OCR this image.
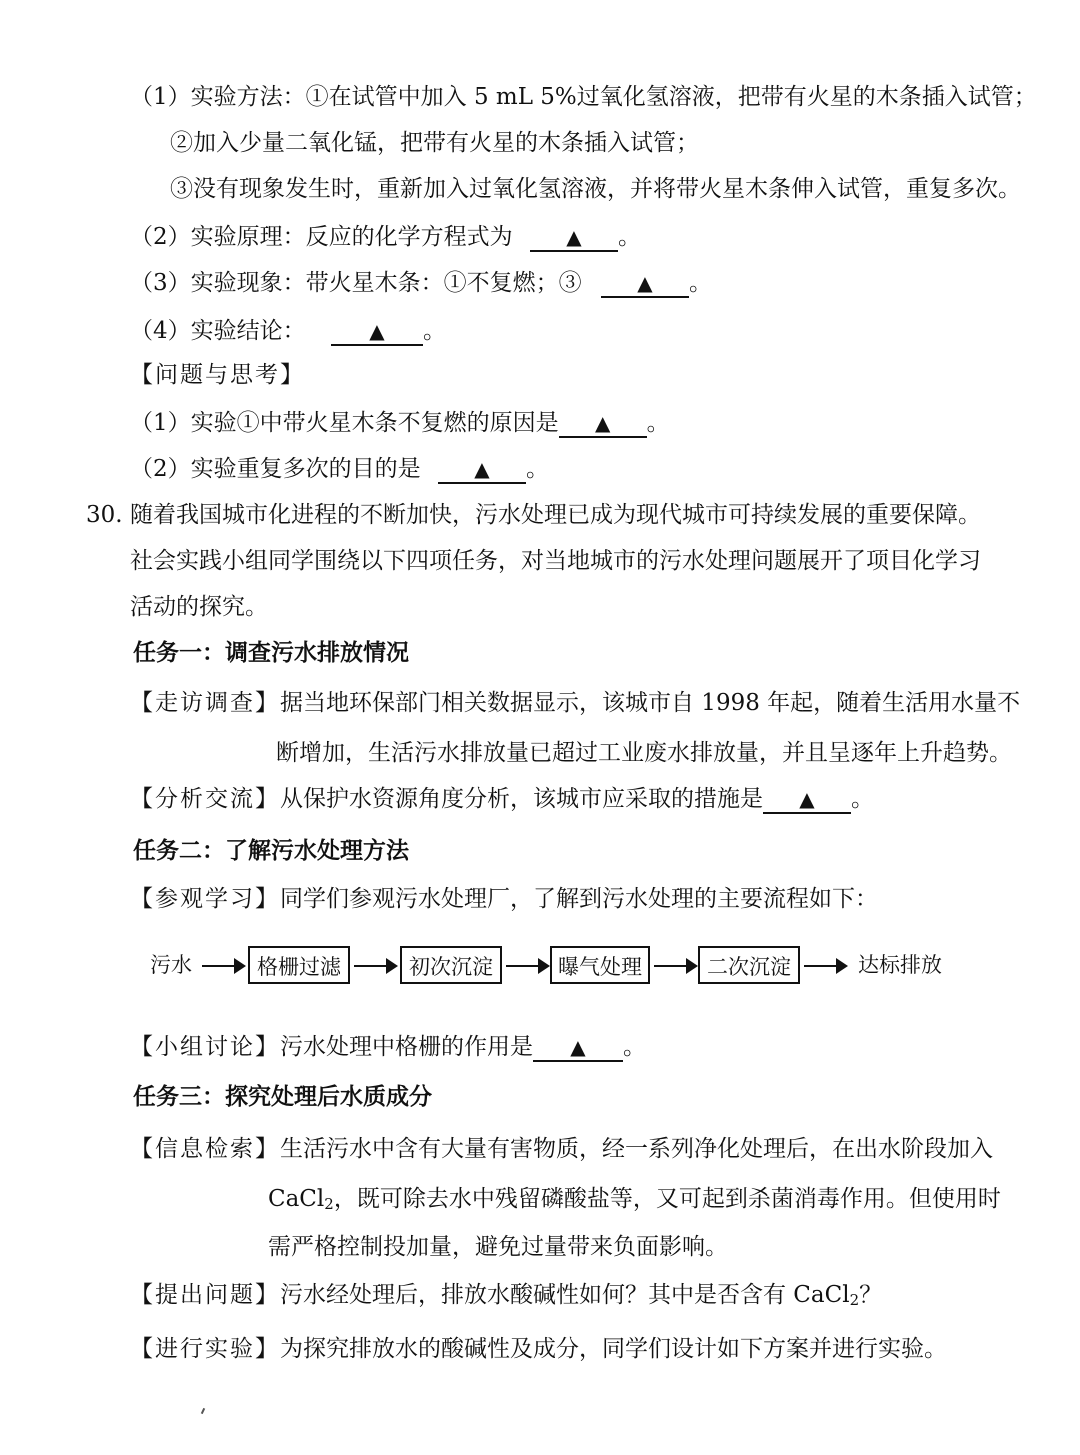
（1）实验方法：①在试管中加入 5 mL 5%过氧化氢溶液，把带有火星的木条插入试管；
②加入少量二氧化锰，把带有火星的木条插入试管；
③没有现象发生时，重新加入过氧化氢溶液，并将带火星木条伸入试管，重复多次。
（2）实验原理：反应的化学方程式为	▲ 。
（3）实验现象：带火星木条：①不复燃；③	▲ 。
（4）实验结论：	▲ 。
【问题与思考】
（1）实验①中带火星木条不复燃的原因是 ▲ 。
（2）实验重复多次的目的是	▲ 。
30. 随着我国城市化进程的不断加快，污水处理已成为现代城市可持续发展的重要保障。
社会实践小组同学围绕以下四项任务，对当地城市的污水处理问题展开了项目化学习
活动的探究。
任务一：调查污水排放情况
【走访调查】据当地环保部门相关数据显示，该城市自 1998 年起，随着生活用水量不
断增加，生活污水排放量已超过工业废水排放量，并且呈逐年上升趋势。
【分析交流】从保护水资源角度分析，该城市应采取的措施是 ▲ 。
任务二：了解污水处理方法
【参观学习】同学们参观污水处理厂，了解到污水处理的主要流程如下：
污水	格栅过滤	初次沉淀	曝气处理	二次沉淀	达标排放
【小组讨论】污水处理中格栅的作用是 ▲ 。
任务三：探究处理后水质成分
【信息检索】生活污水中含有大量有害物质，经一系列净化处理后，在出水阶段加入
CaCl$_2$，既可除去水中残留磷酸盐等，又可起到杀菌消毒作用。但使用时
需严格控制投加量，避免过量带来负面影响。
【提出问题】污水经处理后，排放水酸碱性如何？其中是否含有 CaCl$_2$？
【进行实验】为探究排放水的酸碱性及成分，同学们设计如下方案并进行实验。
